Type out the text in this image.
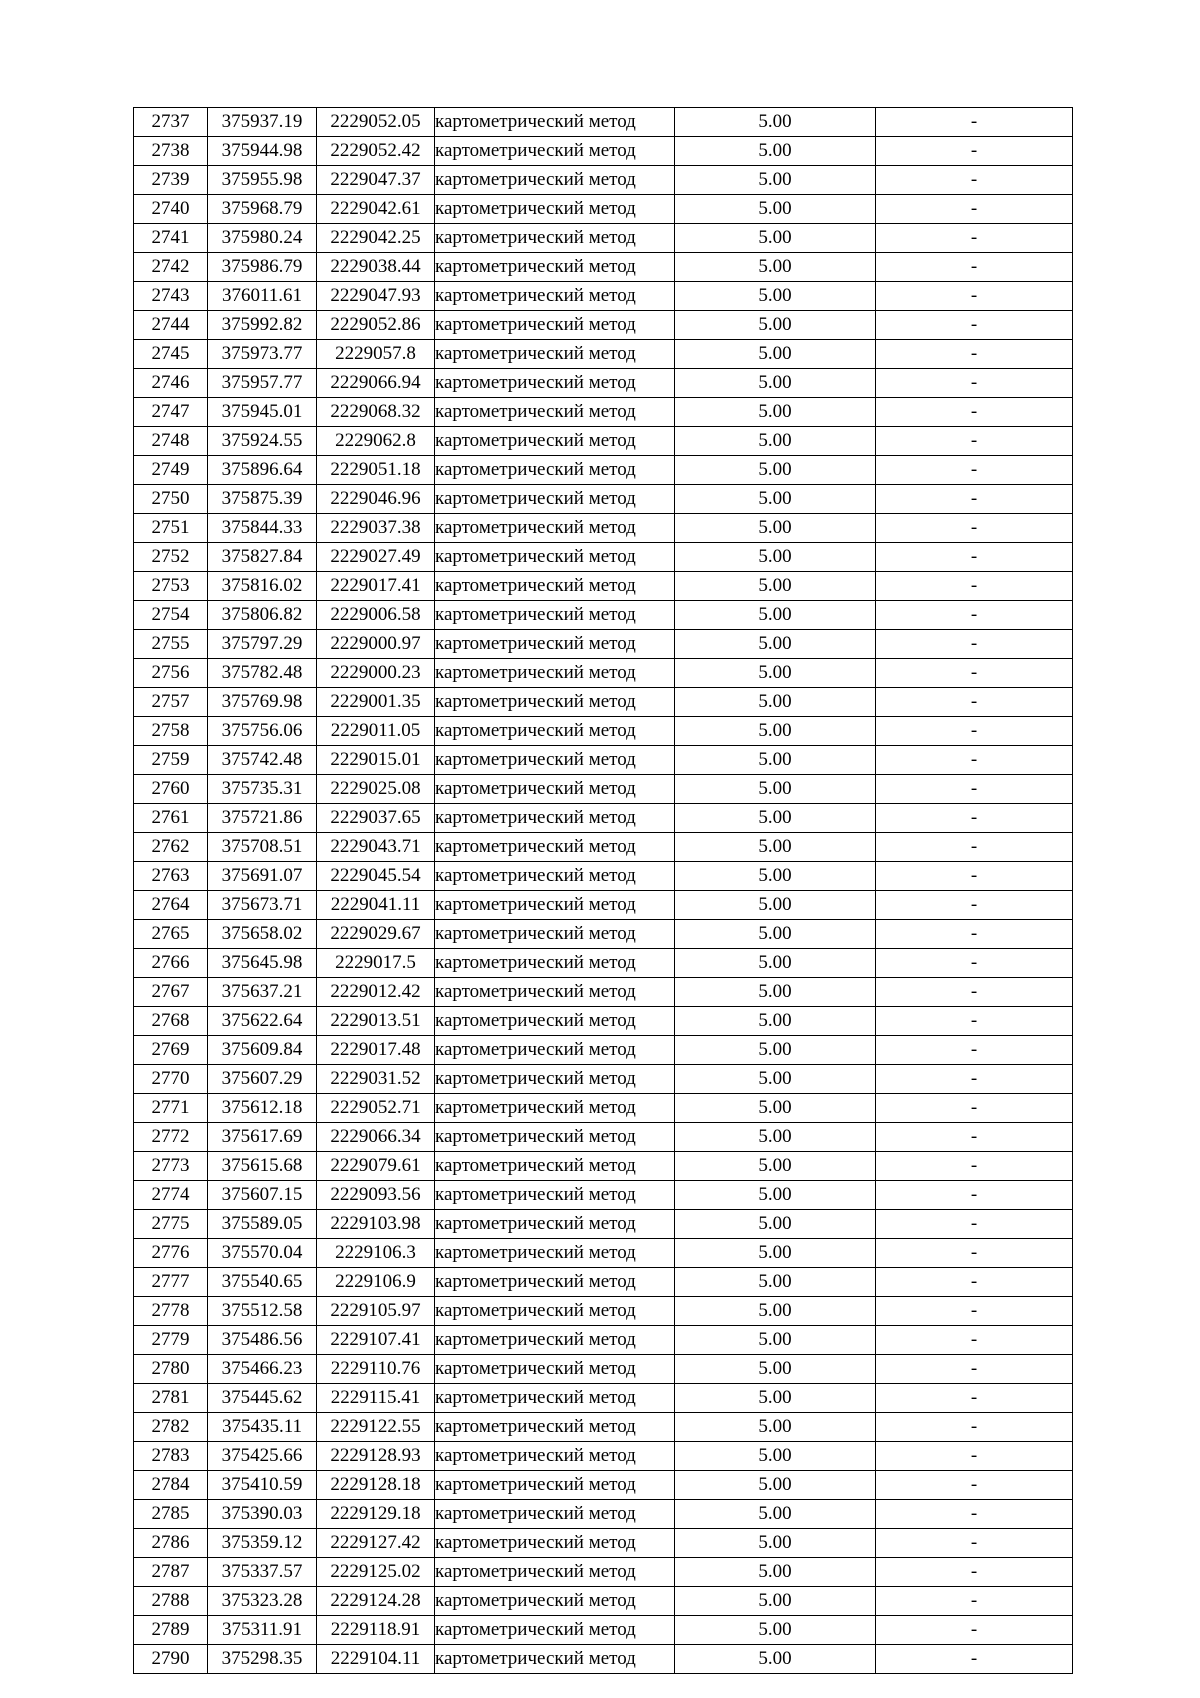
2737	375937.19	2229052.05	картометрический метод	5.00	-
2738	375944.98	2229052.42	картометрический метод	5.00	-
2739	375955.98	2229047.37	картометрический метод	5.00	-
2740	375968.79	2229042.61	картометрический метод	5.00	-
2741	375980.24	2229042.25	картометрический метод	5.00	-
2742	375986.79	2229038.44	картометрический метод	5.00	-
2743	376011.61	2229047.93	картометрический метод	5.00	-
2744	375992.82	2229052.86	картометрический метод	5.00	-
2745	375973.77	2229057.8	картометрический метод	5.00	-
2746	375957.77	2229066.94	картометрический метод	5.00	-
2747	375945.01	2229068.32	картометрический метод	5.00	-
2748	375924.55	2229062.8	картометрический метод	5.00	-
2749	375896.64	2229051.18	картометрический метод	5.00	-
2750	375875.39	2229046.96	картометрический метод	5.00	-
2751	375844.33	2229037.38	картометрический метод	5.00	-
2752	375827.84	2229027.49	картометрический метод	5.00	-
2753	375816.02	2229017.41	картометрический метод	5.00	-
2754	375806.82	2229006.58	картометрический метод	5.00	-
2755	375797.29	2229000.97	картометрический метод	5.00	-
2756	375782.48	2229000.23	картометрический метод	5.00	-
2757	375769.98	2229001.35	картометрический метод	5.00	-
2758	375756.06	2229011.05	картометрический метод	5.00	-
2759	375742.48	2229015.01	картометрический метод	5.00	-
2760	375735.31	2229025.08	картометрический метод	5.00	-
2761	375721.86	2229037.65	картометрический метод	5.00	-
2762	375708.51	2229043.71	картометрический метод	5.00	-
2763	375691.07	2229045.54	картометрический метод	5.00	-
2764	375673.71	2229041.11	картометрический метод	5.00	-
2765	375658.02	2229029.67	картометрический метод	5.00	-
2766	375645.98	2229017.5	картометрический метод	5.00	-
2767	375637.21	2229012.42	картометрический метод	5.00	-
2768	375622.64	2229013.51	картометрический метод	5.00	-
2769	375609.84	2229017.48	картометрический метод	5.00	-
2770	375607.29	2229031.52	картометрический метод	5.00	-
2771	375612.18	2229052.71	картометрический метод	5.00	-
2772	375617.69	2229066.34	картометрический метод	5.00	-
2773	375615.68	2229079.61	картометрический метод	5.00	-
2774	375607.15	2229093.56	картометрический метод	5.00	-
2775	375589.05	2229103.98	картометрический метод	5.00	-
2776	375570.04	2229106.3	картометрический метод	5.00	-
2777	375540.65	2229106.9	картометрический метод	5.00	-
2778	375512.58	2229105.97	картометрический метод	5.00	-
2779	375486.56	2229107.41	картометрический метод	5.00	-
2780	375466.23	2229110.76	картометрический метод	5.00	-
2781	375445.62	2229115.41	картометрический метод	5.00	-
2782	375435.11	2229122.55	картометрический метод	5.00	-
2783	375425.66	2229128.93	картометрический метод	5.00	-
2784	375410.59	2229128.18	картометрический метод	5.00	-
2785	375390.03	2229129.18	картометрический метод	5.00	-
2786	375359.12	2229127.42	картометрический метод	5.00	-
2787	375337.57	2229125.02	картометрический метод	5.00	-
2788	375323.28	2229124.28	картометрический метод	5.00	-
2789	375311.91	2229118.91	картометрический метод	5.00	-
2790	375298.35	2229104.11	картометрический метод	5.00	-
